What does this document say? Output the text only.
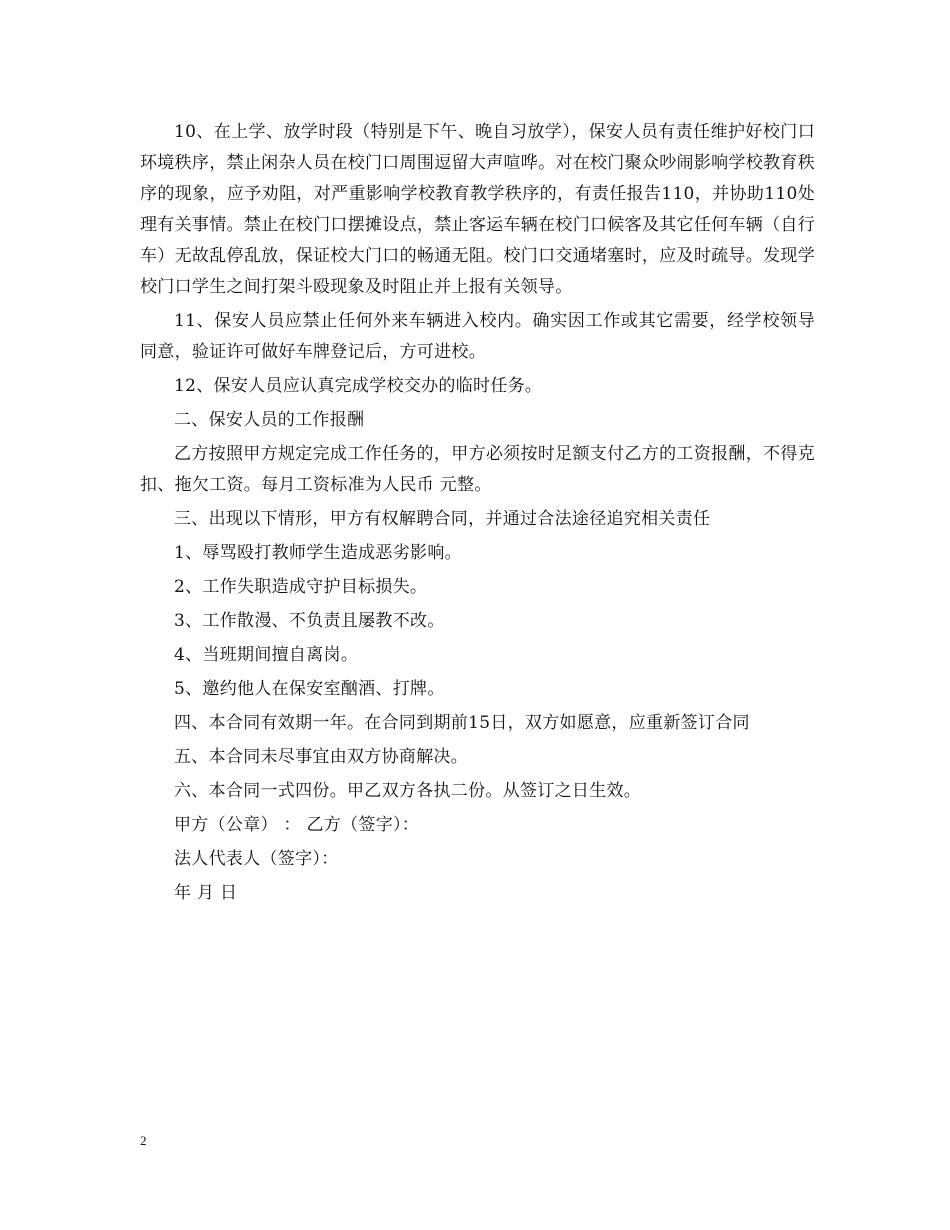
10、在上学、放学时段（特别是下午、晚自习放学），保安人员有责任维护好校门口环境秩序，禁止闲杂人员在校门口周围逗留大声喧哗。对在校门聚众吵闹影响学校教育秩序的现象，应予劝阻，对严重影响学校教育教学秩序的，有责任报告110，并协助110处理有关事情。禁止在校门口摆摊设点，禁止客运车辆在校门口候客及其它任何车辆（自行车）无故乱停乱放，保证校大门口的畅通无阻。校门口交通堵塞时，应及时疏导。发现学校门口学生之间打架斗殴现象及时阻止并上报有关领导。

11、保安人员应禁止任何外来车辆进入校内。确实因工作或其它需要，经学校领导同意，验证许可做好车牌登记后，方可进校。

12、保安人员应认真完成学校交办的临时任务。

二、保安人员的工作报酬

乙方按照甲方规定完成工作任务的，甲方必须按时足额支付乙方的工资报酬，不得克扣、拖欠工资。每月工资标准为人民币 元整。

三、出现以下情形，甲方有权解聘合同，并通过合法途径追究相关责任

1、辱骂殴打教师学生造成恶劣影响。

2、工作失职造成守护目标损失。

3、工作散漫、不负责且屡教不改。

4、当班期间擅自离岗。

5、邀约他人在保安室酗酒、打牌。

四、本合同有效期一年。在合同到期前15日，双方如愿意，应重新签订合同

五、本合同未尽事宜由双方协商解决。

六、本合同一式四份。甲乙双方各执二份。从签订之日生效。

甲方（公章） ： 乙方（签字）：

法人代表人（签字）：

年 月 日

2
